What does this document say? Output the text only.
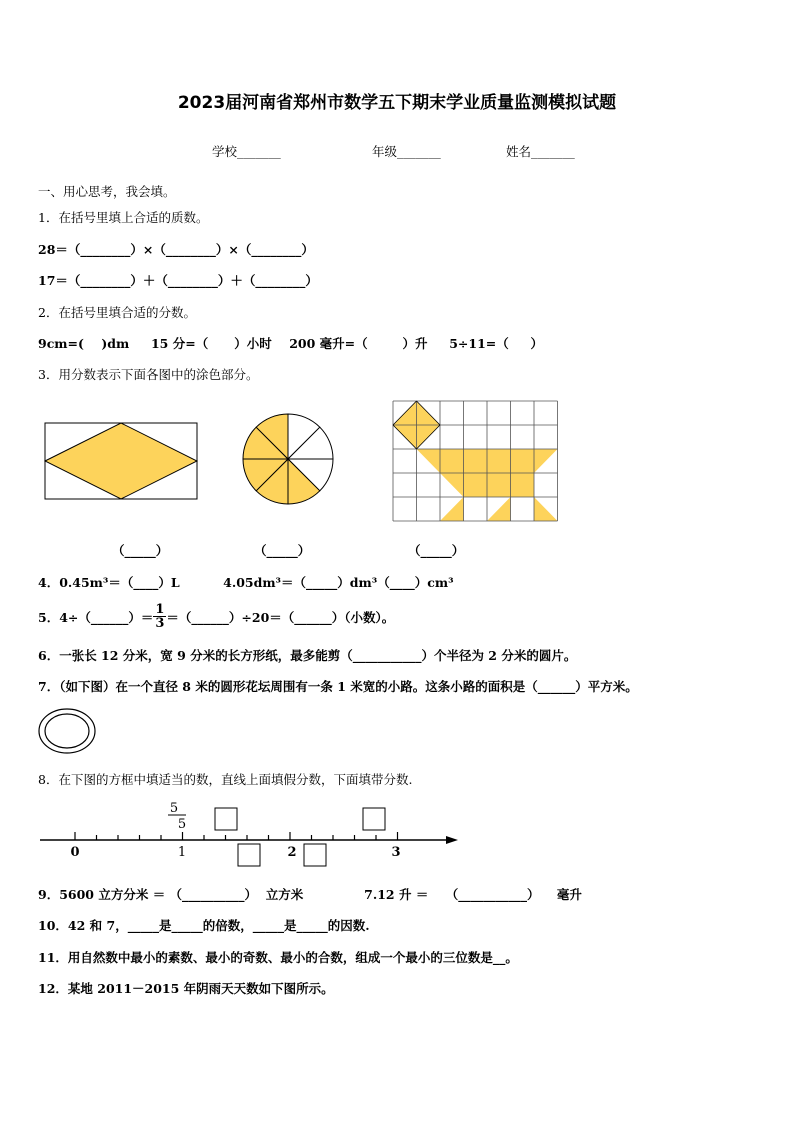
2023届河南省郑州市数学五下期末学业质量监测模拟试题
学校_______	年级_______	姓名_______
一、用心思考，我会填。
1．在括号里填上合适的质数。
28＝（________）×（________）×（________）
17＝（________）＋（________）＋（________）
2．在括号里填合适的分数。
9cm=(    )dm     15 分=（      ）小时    200 毫升=（        ）升     5÷11=（     ）
3．用分数表示下面各图中的涂色部分。
（_____）	（_____）	（_____）
4．0.45m³＝（____）L          4.05dm³＝（_____）dm³（____）cm³
5．4÷（______）＝ $\frac{1}{3}$ ＝（______）÷20＝（______）（小数）。
6．一张长 12 分米，宽 9 分米的长方形纸，最多能剪（___________）个半径为 2 分米的圆片。
7．（如下图）在一个直径 8 米的圆形花坛周围有一条 1 米宽的小路。这条小路的面积是（______）平方米。
8．在下图的方框中填适当的数，直线上面填假分数，下面填带分数.
5
5
0	1	2	3
9．5600 立方分米 ＝ （__________）  立方米              7.12 升 ＝    （___________）    毫升
10．42 和 7，_____是_____的倍数，_____是_____的因数.
11．用自然数中最小的素数、最小的奇数、最小的合数，组成一个最小的三位数是__。
12．某地 2011－2015 年阴雨天天数如下图所示。
